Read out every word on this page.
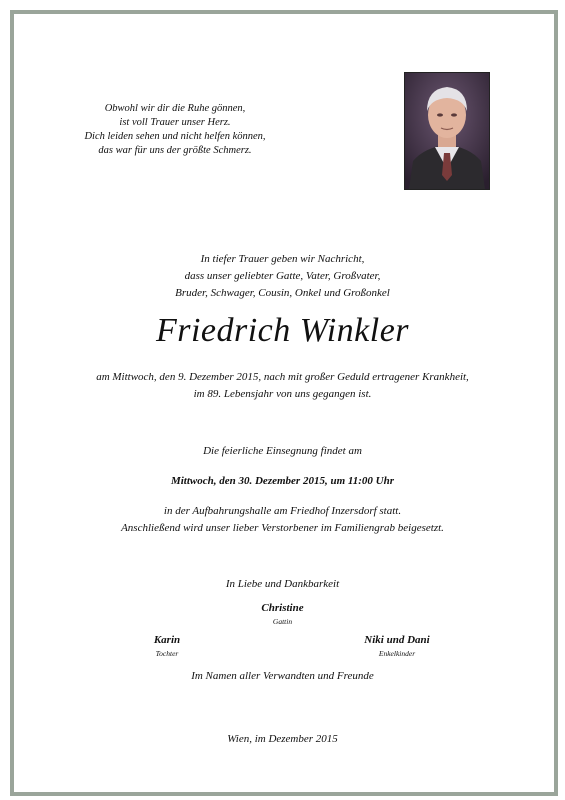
Obwohl wir dir die Ruhe gönnen,
ist voll Trauer unser Herz.
Dich leiden sehen und nicht helfen können,
das war für uns der größte Schmerz.
In tiefer Trauer geben wir Nachricht,
dass unser geliebter Gatte, Vater, Großvater,
Bruder, Schwager, Cousin, Onkel und Großonkel
Friedrich Winkler
am Mittwoch, den 9. Dezember 2015, nach mit großer Geduld ertragener Krankheit,
im 89. Lebensjahr von uns gegangen ist.
Die feierliche Einsegnung findet am
Mittwoch, den 30. Dezember 2015, um 11:00 Uhr
in der Aufbahrungshalle am Friedhof Inzersdorf statt.
Anschließend wird unser lieber Verstorbener im Familiengrab beigesetzt.
In Liebe und Dankbarkeit
Christine
Gattin
Karin
Tochter
Niki und Dani
Enkelkinder
Im Namen aller Verwandten und Freunde
Wien, im Dezember 2015
